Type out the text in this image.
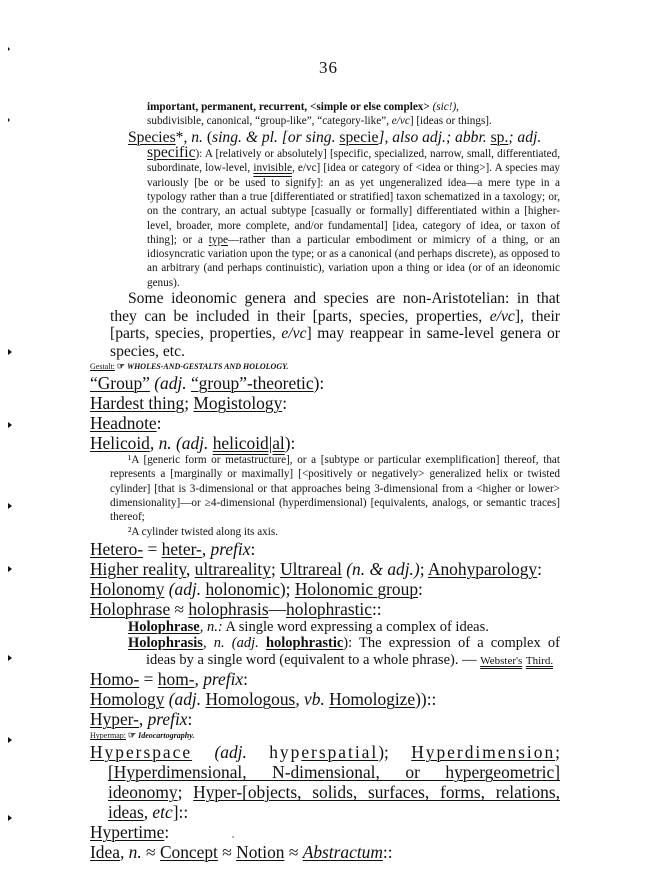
36
important, permanent, recurrent, <simple or else complex> (sic!),
subdivisible, canonical, “group-like”, “category-like”, e/vc] [ideas or things].
Species*, n. (sing. & pl. [or sing. specie], also adj.; abbr. sp.; adj.
specific): A [relatively or absolutely] [specific, specialized, narrow, small, differentiated, subordinate, low-level, invisible, e/vc] [idea or category of <idea or thing>]. A species may variously [be or be used to signify]: an as yet ungeneralized idea—a mere type in a typology rather than a true [differentiated or stratified] taxon schematized in a taxology; or, on the contrary, an actual subtype [casually or formally] differentiated within a [higher-level, broader, more complete, and/or fundamental] [idea, category of idea, or taxon of thing]; or a type—rather than a particular embodiment or mimicry of a thing, or an idiosyncratic variation upon the type; or as a canonical (and perhaps discrete), as opposed to an arbitrary (and perhaps continuistic), variation upon a thing or idea (or of an ideonomic genus).
Some ideonomic genera and species are non-Aristotelian: in that they can be included in their [parts, species, properties, e/vc], their [parts, species, properties, e/vc] may reappear in same-level genera or species, etc.
Gestalt: ☞ WHOLES-AND-GESTALTS AND HOLOLOGY.
“Group” (adj. “group”-theoretic):
Hardest thing; Mogistology:
Headnote:
Helicoid, n. (adj. helicoid|al):
¹A [generic form or metastructure], or a [subtype or particular exemplification] thereof, that represents a [marginally or maximally] [<positively or negatively> generalized helix or twisted cylinder] [that is 3-dimensional or that approaches being 3-dimensional from a <higher or lower> dimensionality]—or ≥4-dimensional (hyperdimensional) [equivalents, analogs, or semantic traces] thereof;
²A cylinder twisted along its axis.
Hetero- = heter-, prefix:
Higher reality, ultrareality; Ultrareal (n. & adj.); Anohyparology:
Holonomy (adj. holonomic); Holonomic group:
Holophrase ≈ holophrasis—holophrastic::
Holophrase, n.: A single word expressing a complex of ideas.
Holophrasis, n. (adj. holophrastic): The expression of a complex of ideas by a single word (equivalent to a whole phrase). — Webster's Third.
Homo- = hom-, prefix:
Homology (adj. Homologous, vb. Homologize))::
Hyper-, prefix:
Hypermap: ☞ Ideocartography.
Hyperspace (adj. hyperspatial); Hyperdimension; [Hyperdimensional, N-dimensional, or hypergeometric] ideonomy; Hyper-[objects, solids, surfaces, forms, relations, ideas, etc]::
Hypertime:
Idea, n. ≈ Concept ≈ Notion ≈ Abstractum::
